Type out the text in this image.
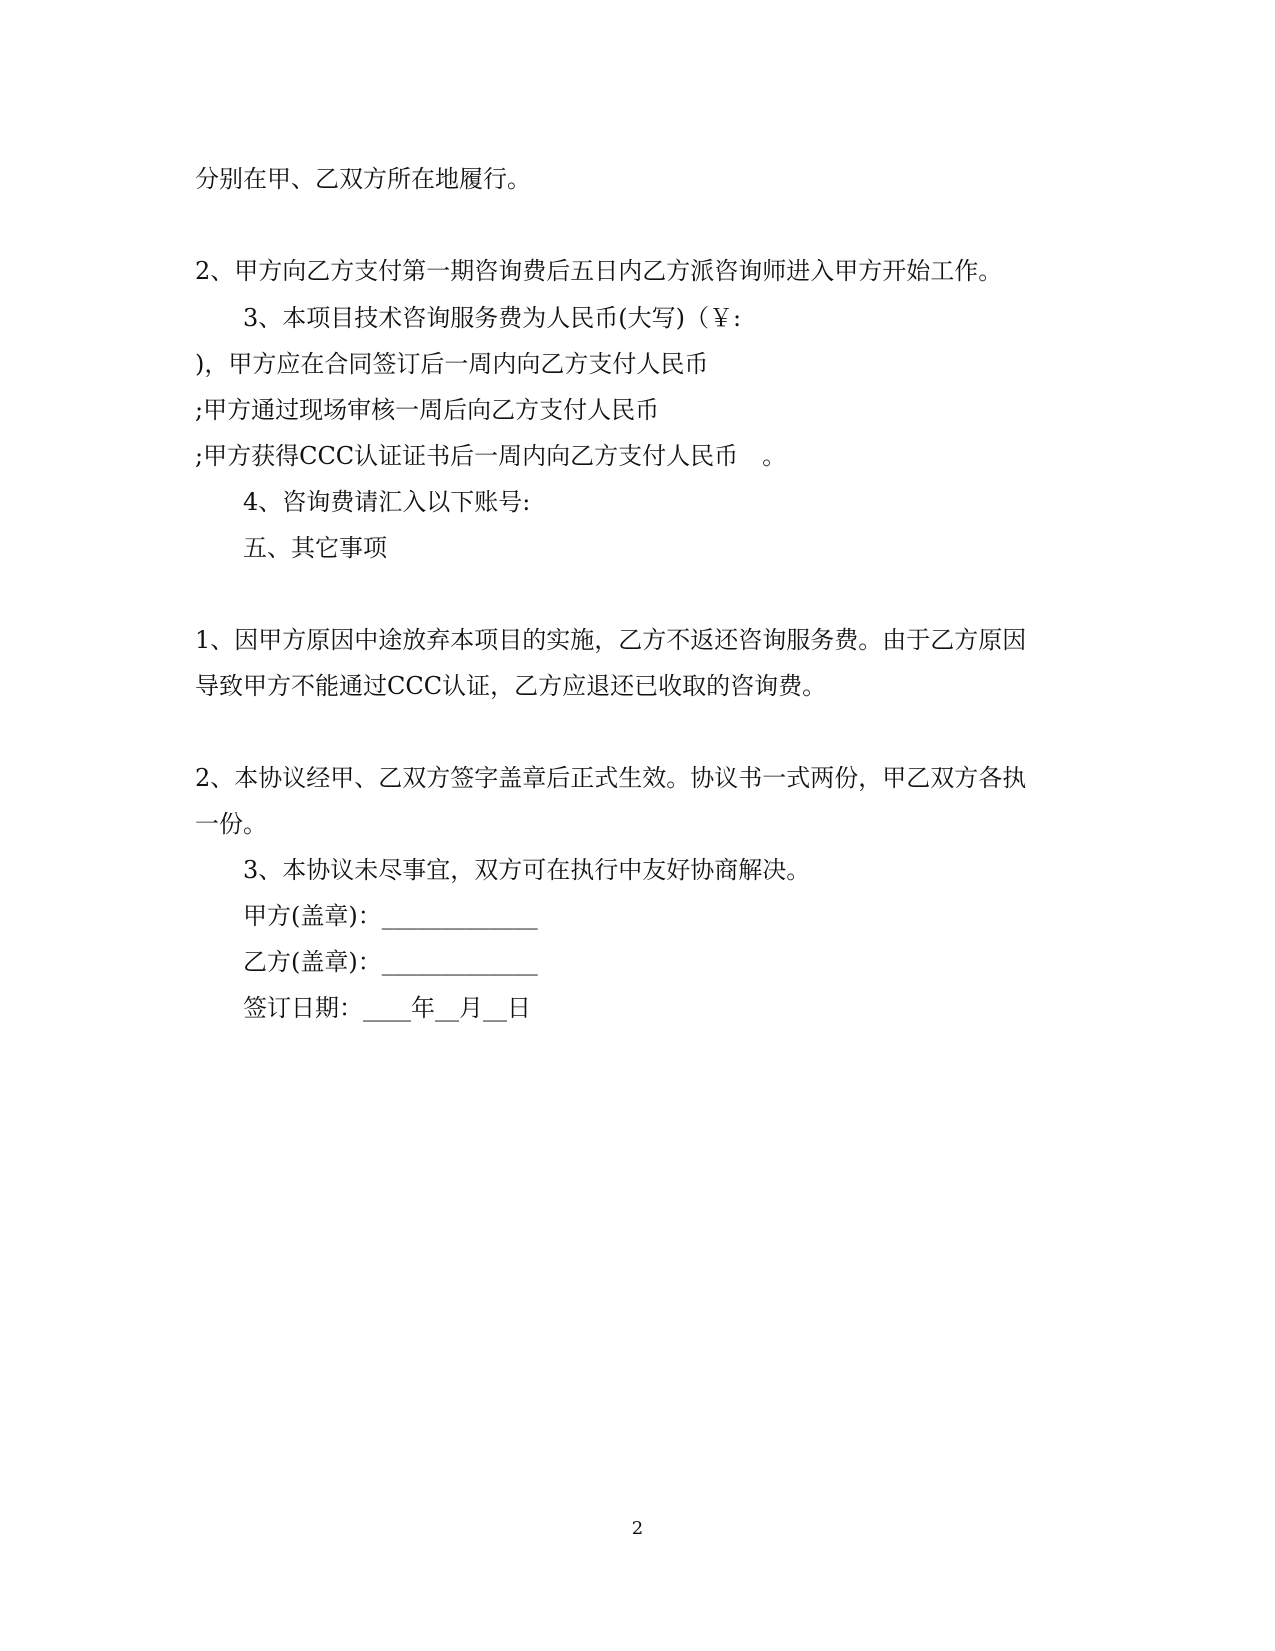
分别在甲、乙双方所在地履行。

2、甲方向乙方支付第一期咨询费后五日内乙方派咨询师进入甲方开始工作。

3、本项目技术咨询服务费为人民币(大写)（￥:

)，甲方应在合同签订后一周内向乙方支付人民币

;甲方通过现场审核一周后向乙方支付人民币

;甲方获得CCC认证证书后一周内向乙方支付人民币　。

4、咨询费请汇入以下账号:

五、其它事项

1、因甲方原因中途放弃本项目的实施，乙方不返还咨询服务费。由于乙方原因

导致甲方不能通过CCC认证，乙方应退还已收取的咨询费。

2、本协议经甲、乙双方签字盖章后正式生效。协议书一式两份，甲乙双方各执

一份。

3、本协议未尽事宜，双方可在执行中友好协商解决。

甲方(盖章)：_____________

乙方(盖章)：_____________

签订日期：____年__月__日

2
